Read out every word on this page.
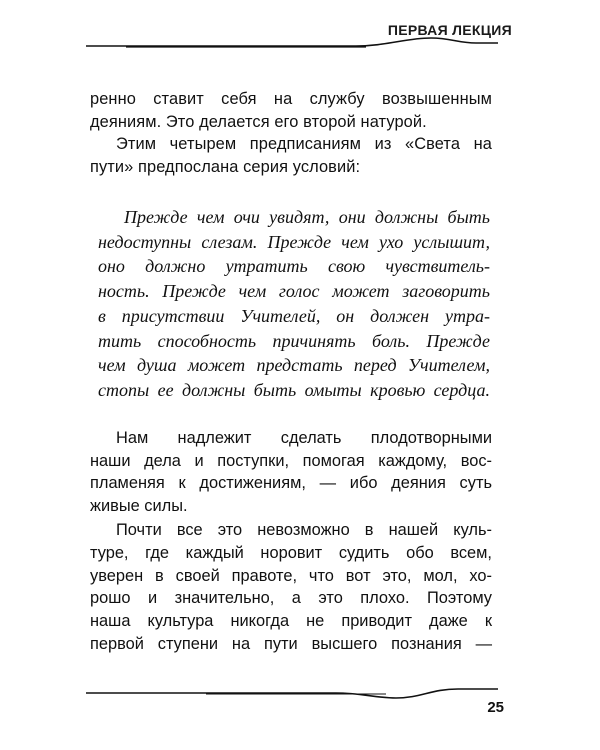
ПЕРВАЯ ЛЕКЦИЯ
ренно ставит себя на службу возвышенным
деяниям. Это делается его второй натурой.
Этим четырем предписаниям из «Света на
пути» предпослана серия условий:
Прежде чем очи увидят, они должны быть
недоступны слезам. Прежде чем ухо услышит,
оно должно утратить свою чувствитель-
ность. Прежде чем голос может заговорить
в присутствии Учителей, он должен утра-
тить способность причинять боль. Прежде
чем душа может предстать перед Учителем,
стопы ее должны быть омыты кровью сердца.
Нам надлежит сделать плодотворными
наши дела и поступки, помогая каждому, вос-
пламеняя к достижениям, — ибо деяния суть
живые силы.
Почти все это невозможно в нашей куль-
туре, где каждый норовит судить обо всем,
уверен в своей правоте, что вот это, мол, хо-
рошо и значительно, а это плохо. Поэтому
наша культура никогда не приводит даже к
первой ступени на пути высшего познания —
25
